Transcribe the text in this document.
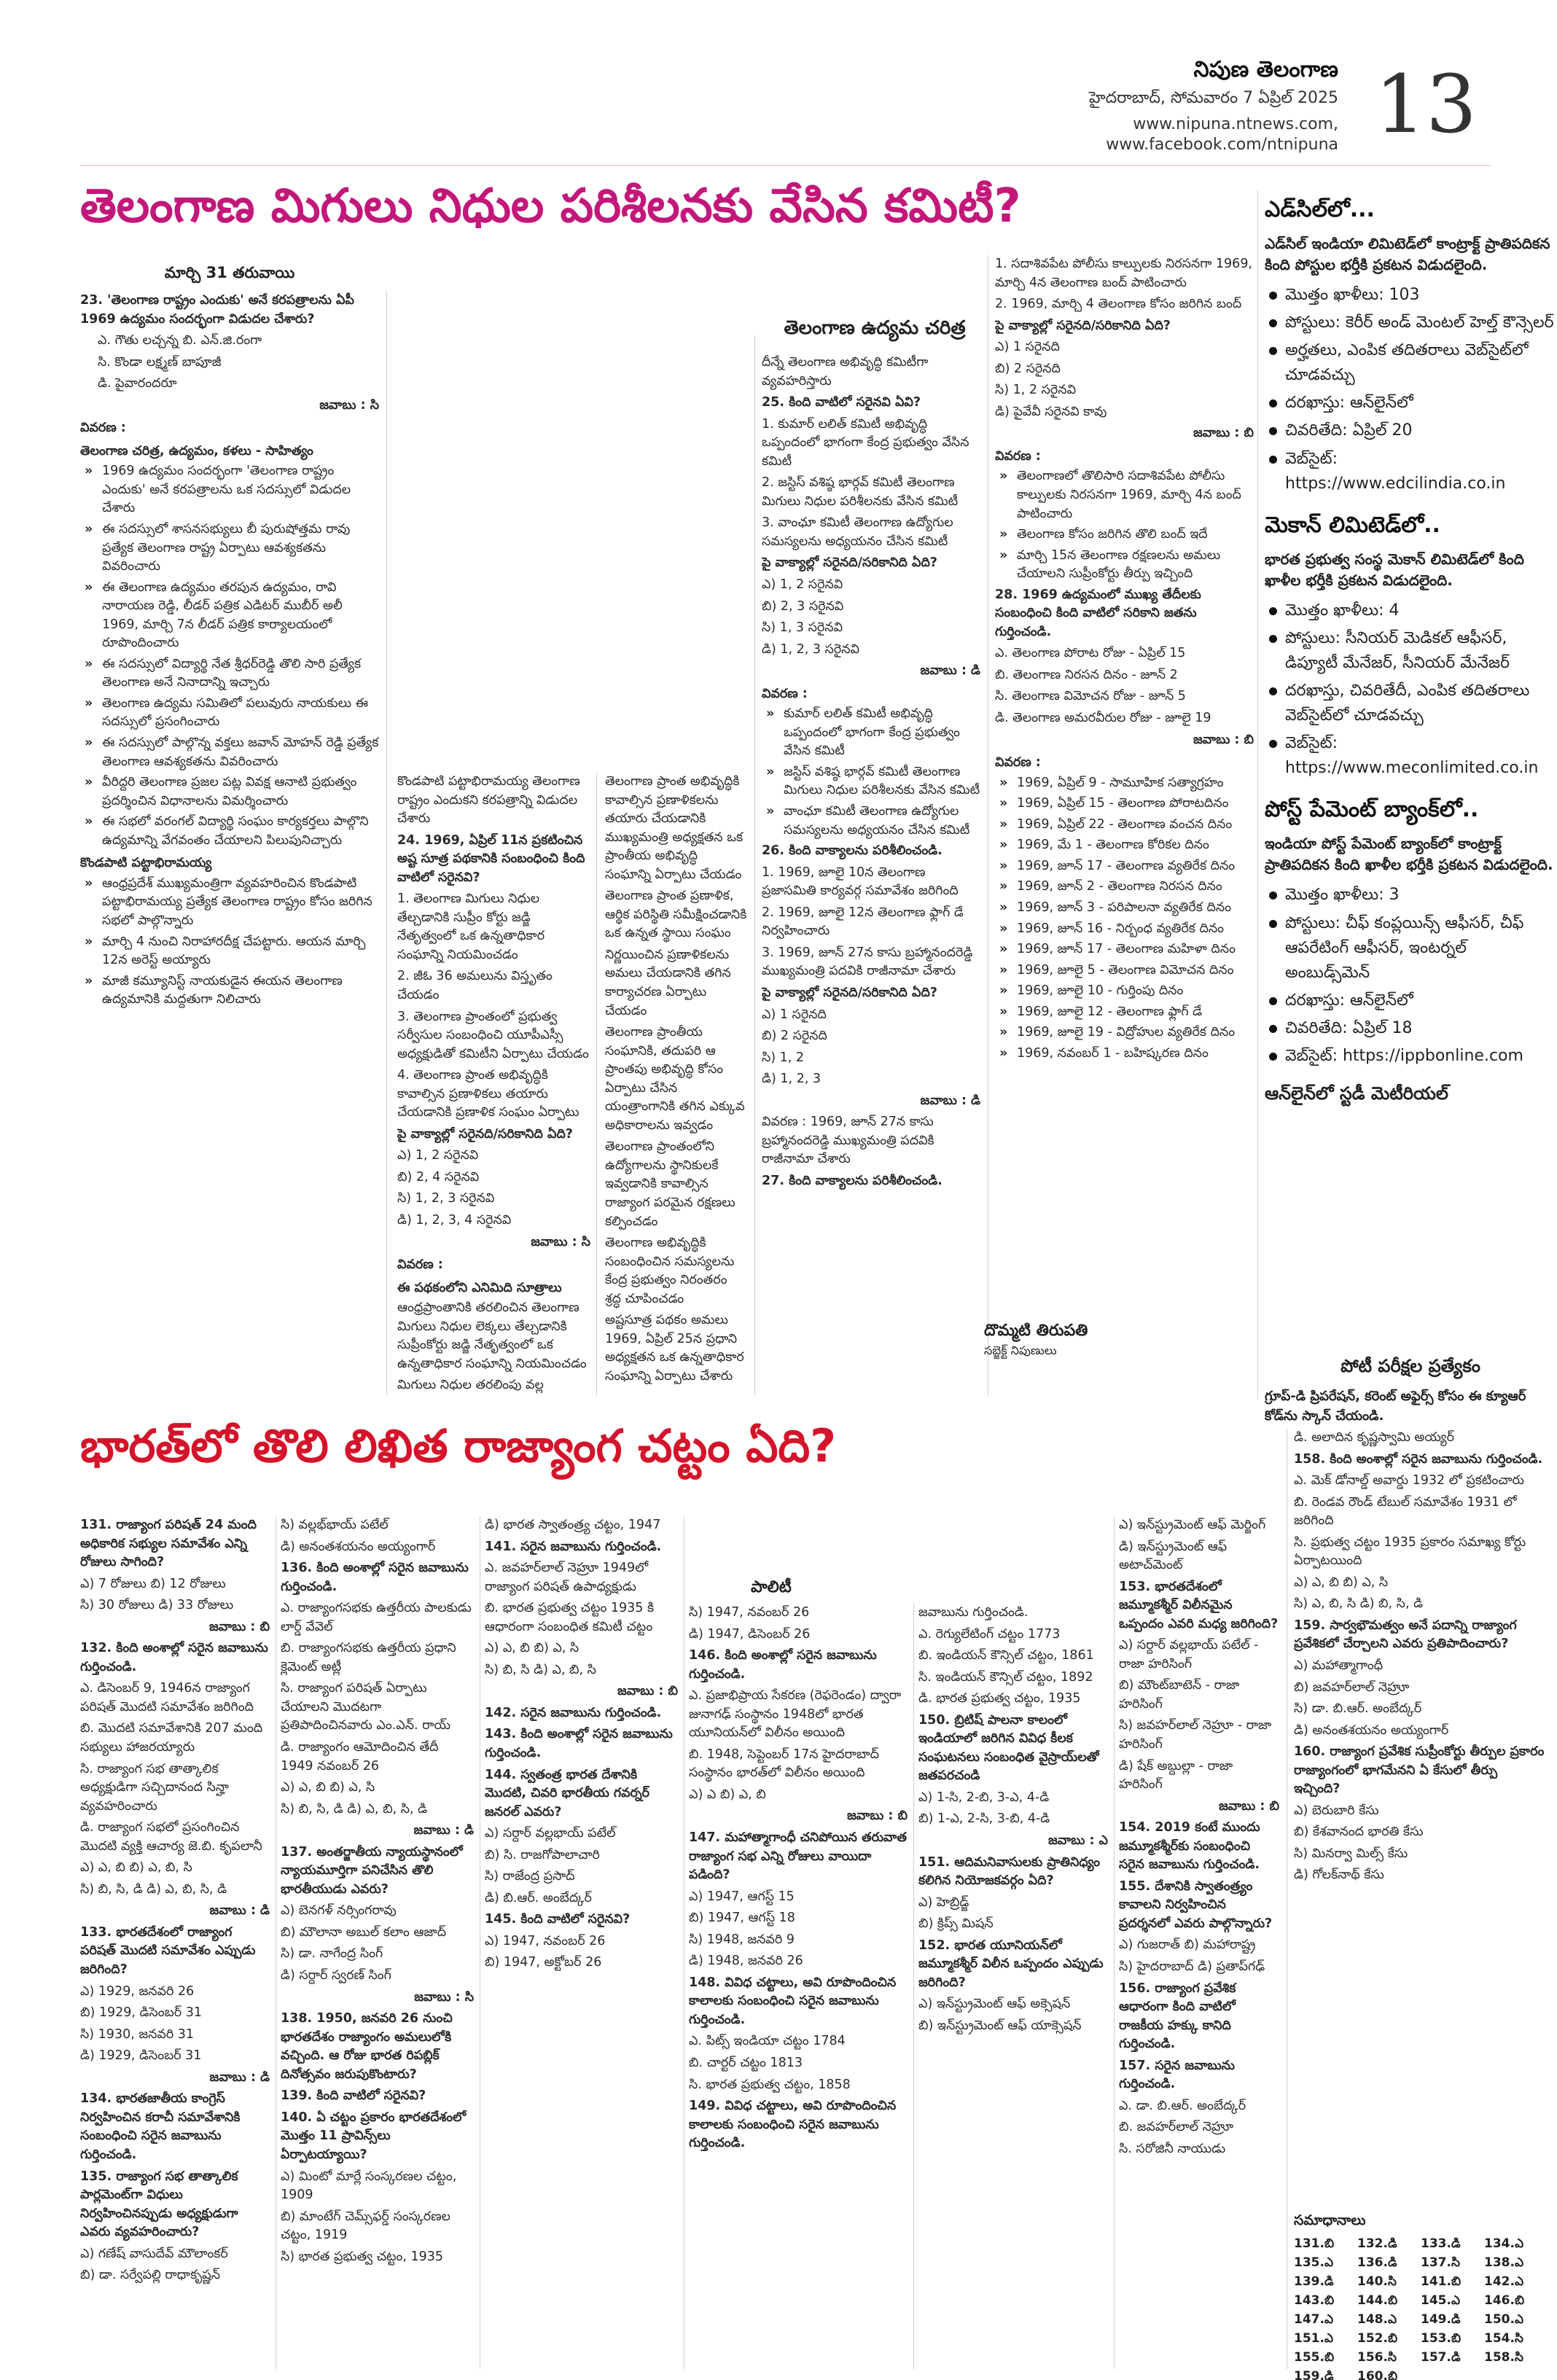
నిపుణ తెలంగాణ
హైదరాబాద్, సోమవారం 7 ఏప్రిల్ 2025
www.nipuna.ntnews.com,
www.facebook.com/ntnipuna 13
తెలంగాణ మిగులు నిధుల పరిశీలనకు వేసిన కమిటీ?
మార్చి 31 తరువాయి
తెలంగాణ ఉద్యమ చరిత్ర

23. 'తెలంగాణ రాష్ట్రం ఎందుకు' అనే కరపత్రాలను ఏపీ 1969 ఉద్యమం సందర్భంగా విడుదల చేశారు?

ఎ. గౌతు లచ్చన్న బి. ఎన్‌.జి.రంగా

సి. కొండా లక్ష్మణ్ బాపూజీ

డి. పైవారందరూ

జవాబు : సి

వివరణ :

తెలంగాణ చరిత్ర, ఉద్యమం, కళలు - సాహిత్యం

» 1969 ఉద్యమం సందర్భంగా 'తెలంగాణ రాష్ట్రం ఎందుకు' అనే కరపత్రాలను ఒక సదస్సులో విడుదల చేశారు
» ఈ సదస్సులో శాసనసభ్యులు బీ పురుషోత్తమ రావు ప్రత్యేక తెలంగాణ రాష్ట్ర ఏర్పాటు ఆవశ్యకతను వివరించారు
» ఈ తెలంగాణ ఉద్యమం తరపున ఉద్యమం, రావి నారాయణ రెడ్డి, లీడర్ పత్రిక ఎడిటర్ ముబీర్ అలీ 1969, మార్చి 7న లీడర్ పత్రిక కార్యాలయంలో రూపొందించారు
» ఈ సదస్సులో విద్యార్థి నేత శ్రీధర్‌రెడ్డి తొలి సారి ప్రత్యేక తెలంగాణ అనే నినాదాన్ని ఇచ్చారు
» తెలంగాణ ఉద్యమ సమితిలో పలువురు నాయకులు ఈ సదస్సులో ప్రసంగించారు
» ఈ సదస్సులో పాల్గొన్న వక్తలు జవాన్ మోహన్ రెడ్డి ప్రత్యేక తెలంగాణ ఆవశ్యకతను వివరించారు
» వీరిద్దరి తెలంగాణ ప్రజల పట్ల వివక్ష ఆనాటి ప్రభుత్వం ప్రదర్శించిన విధానాలను విమర్శించారు
» ఈ సభలో వరంగల్ విద్యార్థి సంఘం కార్యకర్తలు పాల్గొని ఉద్యమాన్ని వేగవంతం చేయాలని పిలుపునిచ్చారు

కొండపాటి పట్టాభిరామయ్య

» ఆంధ్రప్రదేశ్ ముఖ్యమంత్రిగా వ్యవహరించిన కొండపాటి పట్టాభిరామయ్య ప్రత్యేక తెలంగాణ రాష్ట్రం కోసం జరిగిన సభలో పాల్గొన్నారు
» మార్చి 4 నుంచి నిరాహారదీక్ష చేపట్టారు. ఆయన మార్చి 12న అరెస్ట్ అయ్యారు
» మాజీ కమ్యూనిస్ట్ నాయకుడైన ఈయన తెలంగాణ ఉద్యమానికి మద్దతుగా నిలిచారు

కొండపాటి పట్టాభిరామయ్య తెలంగాణ రాష్ట్రం ఎందుకని కరపత్రాన్ని విడుదల చేశారు

24. 1969, ఏప్రిల్ 11న ప్రకటించిన అష్ట సూత్ర పథకానికి సంబంధించి కింది వాటిలో సరైనవి?

1. తెలంగాణ మిగులు నిధుల తేల్చడానికి సుప్రీం కోర్టు జడ్జి నేతృత్వంలో ఒక ఉన్నతాధికార సంఘాన్ని నియమించడం

2. జీఓ 36 అమలును విస్తృతం చేయడం

3. తెలంగాణ ప్రాంతంలో ప్రభుత్వ సర్వీసుల సంబంధించి యూపీఎస్సీ అధ్యక్షుడితో కమిటీని ఏర్పాటు చేయడం

4. తెలంగాణ ప్రాంత అభివృద్ధికి కావాల్సిన ప్రణాళికలు తయారు చేయడానికి ప్రణాళిక సంఘం ఏర్పాటు

పై వాక్యాల్లో సరైనది/సరికానిది ఏది?

ఎ) 1, 2 సరైనవి

బి) 2, 4 సరైనవి

సి) 1, 2, 3 సరైనవి

డి) 1, 2, 3, 4 సరైనవి

జవాబు : సి

వివరణ :

ఈ పథకంలోని ఎనిమిది సూత్రాలు

ఆంధ్రప్రాంతానికి తరలించిన తెలంగాణ మిగులు నిధుల లెక్కలు తేల్చడానికి సుప్రీంకోర్టు జడ్జి నేతృత్వంలో ఒక ఉన్నతాధికార సంఘాన్ని నియమించడం

మిగులు నిధుల తరలింపు వల్ల

తెలంగాణ ప్రాంత అభివృద్ధికి కావాల్సిన ప్రణాళికలను తయారు చేయడానికి ముఖ్యమంత్రి అధ్యక్షతన ఒక ప్రాంతీయ అభివృద్ధి సంఘాన్ని ఏర్పాటు చేయడం

తెలంగాణ ప్రాంత ప్రణాళిక, ఆర్థిక పరిస్థితి సమీక్షించడానికి ఒక ఉన్నత స్థాయి సంఘం

నిర్ణయించిన ప్రణాళికలను అమలు చేయడానికి తగిన కార్యాచరణ ఏర్పాటు చేయడం

తెలంగాణ ప్రాంతీయ సంఘానికి, తదుపరి ఆ ప్రాంతపు అభివృద్ధి కోసం ఏర్పాటు చేసిన యంత్రాంగానికి తగిన ఎక్కువ అధికారాలను ఇవ్వడం

తెలంగాణ ప్రాంతంలోని ఉద్యోగాలను స్థానికులకే ఇవ్వడానికి కావాల్సిన రాజ్యాంగ పరమైన రక్షణలు కల్పించడం

తెలంగాణ అభివృద్ధికి సంబంధించిన సమస్యలను కేంద్ర ప్రభుత్వం నిరంతరం శ్రద్ధ చూపించడం

అష్టసూత్ర పథకం అమలు 1969, ఏప్రిల్ 25న ప్రధాని అధ్యక్షతన ఒక ఉన్నతాధికార సంఘాన్ని ఏర్పాటు చేశారు

దీన్నే తెలంగాణ అభివృద్ధి కమిటీగా వ్యవహరిస్తారు

25. కింది వాటిలో సరైనవి ఏవి?

1. కుమార్ లలిత్ కమిటీ అభివృద్ధి ఒప్పందంలో భాగంగా కేంద్ర ప్రభుత్వం వేసిన కమిటీ

2. జస్టిస్ వశిష్ఠ భార్గవ్ కమిటీ తెలంగాణ మిగులు నిధుల పరిశీలనకు వేసిన కమిటీ

3. వాంఛూ కమిటీ తెలంగాణ ఉద్యోగుల సమస్యలను అధ్యయనం చేసిన కమిటీ

పై వాక్యాల్లో సరైనది/సరికానిది ఏది?

ఎ) 1, 2 సరైనవి

బి) 2, 3 సరైనవి

సి) 1, 3 సరైనవి

డి) 1, 2, 3 సరైనవి

జవాబు : డి

వివరణ :

» కుమార్ లలిత్ కమిటీ అభివృద్ధి ఒప్పందంలో భాగంగా కేంద్ర ప్రభుత్వం వేసిన కమిటీ
» జస్టిస్ వశిష్ఠ భార్గవ్ కమిటీ తెలంగాణ మిగులు నిధుల పరిశీలనకు వేసిన కమిటీ
» వాంఛూ కమిటీ తెలంగాణ ఉద్యోగుల సమస్యలను అధ్యయనం చేసిన కమిటీ

26. కింది వాక్యాలను పరిశీలించండి.

1. 1969, జూలై 10న తెలంగాణ ప్రజాసమితి కార్యవర్గ సమావేశం జరిగింది

2. 1969, జూలై 12న తెలంగాణ ఫ్లాగ్ డే నిర్వహించారు

3. 1969, జూన్ 27న కాసు బ్రహ్మానందరెడ్డి ముఖ్యమంత్రి పదవికి రాజీనామా చేశారు

పై వాక్యాల్లో సరైనది/సరికానిది ఏది?

ఎ) 1 సరైనది

బి) 2 సరైనది

సి) 1, 2

డి) 1, 2, 3

జవాబు : డి

వివరణ : 1969, జూన్ 27న కాసు బ్రహ్మానందరెడ్డి ముఖ్యమంత్రి పదవికి రాజీనామా చేశారు

27. కింది వాక్యాలను పరిశీలించండి.

1. సదాశివపేట పోలీసు కాల్పులకు నిరసనగా 1969, మార్చి 4న తెలంగాణ బంద్ పాటించారు

2. 1969, మార్చి 4 తెలంగాణ కోసం జరిగిన బంద్

పై వాక్యాల్లో సరైనది/సరికానిది ఏది?

ఎ) 1 సరైనది

బి) 2 సరైనది

సి) 1, 2 సరైనవి

డి) పైవేవీ సరైనవి కావు

జవాబు : బి

వివరణ :

» తెలంగాణలో తొలిసారి సదాశివపేట పోలీసు కాల్పులకు నిరసనగా 1969, మార్చి 4న బంద్ పాటించారు
» తెలంగాణ కోసం జరిగిన తొలి బంద్ ఇదే
» మార్చి 15న తెలంగాణ రక్షణలను అమలు చేయాలని సుప్రీంకోర్టు తీర్పు ఇచ్చింది

28. 1969 ఉద్యమంలో ముఖ్య తేదీలకు సంబంధించి కింది వాటిలో సరికాని జతను గుర్తించండి.

ఎ. తెలంగాణ పోరాట రోజు - ఏప్రిల్ 15

బి. తెలంగాణ నిరసన దినం - జూన్ 2

సి. తెలంగాణ విమోచన రోజు - జూన్ 5

డి. తెలంగాణ అమరవీరుల రోజు - జూలై 19

జవాబు : బి

వివరణ :

» 1969, ఏప్రిల్ 9 - సామూహిక సత్యాగ్రహం
» 1969, ఏప్రిల్ 15 - తెలంగాణ పోరాటదినం
» 1969, ఏప్రిల్ 22 - తెలంగాణ వంచన దినం
» 1969, మే 1 - తెలంగాణ కోరికల దినం
» 1969, జూన్ 17 - తెలంగాణ వ్యతిరేక దినం
» 1969, జూన్ 2 - తెలంగాణ నిరసన దినం
» 1969, జూన్ 3 - పరిపాలనా వ్యతిరేక దినం
» 1969, జూన్ 16 - నిర్బంధ వ్యతిరేక దినం
» 1969, జూన్ 17 - తెలంగాణ మహిళా దినం
» 1969, జూలై 5 - తెలంగాణ విమోచన దినం
» 1969, జూలై 10 - గుర్తింపు దినం
» 1969, జూలై 12 - తెలంగాణ ఫ్లాగ్ డే
» 1969, జూలై 19 - విద్రోహుల వ్యతిరేక దినం
» 1969, నవంబర్ 1 - బహిష్కరణ దినం
దొమ్మటి తిరుపతి
సబ్జెక్ట్ నిపుణులు
ఎడ్‌సిల్‌లో...
ఎడ్‌సిల్ ఇండియా లిమిటెడ్‌లో కాంట్రాక్ట్ ప్రాతిపదికన కింది పోస్టుల భర్తీకి ప్రకటన విడుదలైంది.
మొత్తం ఖాళీలు: 103
పోస్టులు: కెరీర్ అండ్ మెంటల్ హెల్త్ కౌన్సెలర్
అర్హతలు, ఎంపిక తదితరాలు వెబ్‌సైట్‌లో చూడవచ్చు
దరఖాస్తు: ఆన్‌లైన్‌లో
చివరితేది: ఏప్రిల్ 20
వెబ్‌సైట్: https://www.edcilindia.co.in
మెకాన్ లిమిటెడ్‌లో..
భారత ప్రభుత్వ సంస్థ మెకాన్ లిమిటెడ్‌లో కింది ఖాళీల భర్తీకి ప్రకటన విడుదలైంది.
మొత్తం ఖాళీలు: 4
పోస్టులు: సీనియర్ మెడికల్ ఆఫీసర్, డిప్యూటీ మేనేజర్, సీనియర్ మేనేజర్
దరఖాస్తు, చివరితేదీ, ఎంపిక తదితరాలు వెబ్‌సైట్‌లో చూడవచ్చు
వెబ్‌సైట్: https://www.meconlimited.co.in
పోస్ట్ పేమెంట్ బ్యాంక్‌లో..
ఇండియా పోస్ట్ పేమెంట్ బ్యాంక్‌లో కాంట్రాక్ట్ ప్రాతిపదికన కింది ఖాళీల భర్తీకి ప్రకటన విడుదలైంది.
మొత్తం ఖాళీలు: 3
పోస్టులు: చీఫ్ కంప్లయిన్స్ ఆఫీసర్, చీఫ్ ఆపరేటింగ్ ఆఫీసర్, ఇంటర్నల్ అంబుడ్స్‌మెన్
దరఖాస్తు: ఆన్‌లైన్‌లో
చివరితేది: ఏప్రిల్ 18
వెబ్‌సైట్: https://ippbonline.com
ఆన్‌లైన్‌లో స్టడీ మెటీరియల్
పోటీ పరీక్షల ప్రత్యేకం
గ్రూప్-డి ప్రిపరేషన్, కరెంట్ అఫైర్స్ కోసం ఈ క్యూఆర్ కోడ్‌ను స్కాన్ చేయండి.
భారత్‌లో తొలి లిఖిత రాజ్యాంగ చట్టం ఏది?
పాలిటీ

131. రాజ్యాంగ పరిషత్ 24 మంది అధికారిక సభ్యుల సమావేశం ఎన్ని రోజులు సాగింది?

ఎ) 7 రోజులు బి) 12 రోజులు

సి) 30 రోజులు డి) 33 రోజులు

జవాబు : బి

132. కింది అంశాల్లో సరైన జవాబును గుర్తించండి.

ఎ. డిసెంబర్ 9, 1946న రాజ్యాంగ పరిషత్ మొదటి సమావేశం జరిగింది

బి. మొదటి సమావేశానికి 207 మంది సభ్యులు హాజరయ్యారు

సి. రాజ్యాంగ సభ తాత్కాలిక అధ్యక్షుడిగా సచ్చిదానంద సిన్హా వ్యవహరించారు

డి. రాజ్యాంగ సభలో ప్రసంగించిన మొదటి వ్యక్తి ఆచార్య జె.బి. కృపలానీ

ఎ) ఎ, బి బి) ఎ, బి, సి

సి) బి, సి, డి డి) ఎ, బి, సి, డి

జవాబు : డి

133. భారతదేశంలో రాజ్యాంగ పరిషత్ మొదటి సమావేశం ఎప్పుడు జరిగింది?

ఎ) 1929, జనవరి 26

బి) 1929, డిసెంబర్ 31

సి) 1930, జనవరి 31

డి) 1929, డిసెంబర్ 31

జవాబు : డి

134. భారతజాతీయ కాంగ్రెస్ నిర్వహించిన కరాచీ సమావేశానికి సంబంధించి సరైన జవాబును గుర్తించండి.

135. రాజ్యాంగ సభ తాత్కాలిక పార్లమెంట్‌గా విధులు నిర్వహించినప్పుడు అధ్యక్షుడుగా ఎవరు వ్యవహరించారు?

ఎ) గణేష్ వాసుదేవ్ మౌలాంకర్

బి) డా. సర్వేపల్లి రాధాకృష్ణన్

సి) వల్లభ్‌భాయ్ పటేల్

డి) అనంతశయనం అయ్యంగార్

136. కింది అంశాల్లో సరైన జవాబును గుర్తించండి.

ఎ. రాజ్యాంగసభకు ఉత్తరీయ పాలకుడు లార్డ్ వేవెల్

బి. రాజ్యాంగసభకు ఉత్తరీయ ప్రధాని క్లెమెంట్ అట్లీ

సి. రాజ్యాంగ పరిషత్ ఏర్పాటు చేయాలని మొదటగా ప్రతిపాదించినవారు ఎం.ఎన్. రాయ్

డి. రాజ్యాంగం ఆమోదించిన తేదీ 1949 నవంబర్ 26

ఎ) ఎ, బి బి) ఎ, సి

సి) బి, సి, డి డి) ఎ, బి, సి, డి

జవాబు : డి

137. అంతర్జాతీయ న్యాయస్థానంలో న్యాయమూర్తిగా పనిచేసిన తొలి భారతీయుడు ఎవరు?

ఎ) బెనగళ్ నర్సింగరావు

బి) మౌలానా అబుల్ కలాం ఆజాద్

సి) డా. నాగేంద్ర సింగ్

డి) సర్దార్ స్వరణ్ సింగ్

జవాబు : సి

138. 1950, జనవరి 26 నుంచి భారతదేశం రాజ్యాంగం అమలులోకి వచ్చింది. ఆ రోజు భారత రిపబ్లిక్ దినోత్సవం జరుపుకొంటారు?

139. కింది వాటిలో సరైనవి?

140. ఏ చట్టం ప్రకారం భారతదేశంలో మొత్తం 11 ప్రావిన్స్‌లు ఏర్పాటయ్యాయి?

ఎ) మింటో మార్లే సంస్కరణల చట్టం, 1909

బి) మాంటేగ్ చెమ్స్‌ఫర్డ్ సంస్కరణల చట్టం, 1919

సి) భారత ప్రభుత్వ చట్టం, 1935

డి) భారత స్వాతంత్ర్య చట్టం, 1947

141. సరైన జవాబును గుర్తించండి.

ఎ. జవహర్‌లాల్ నెహ్రూ 1949లో రాజ్యాంగ పరిషత్ ఉపాధ్యక్షుడు

బి. భారత ప్రభుత్వ చట్టం 1935 కి ఆధారంగా సంబంధిత కమిటీ చట్టం

ఎ) ఎ, బి బి) ఎ, సి

సి) బి, సి డి) ఎ, బి, సి

జవాబు : బి

142. సరైన జవాబును గుర్తించండి.

143. కింది అంశాల్లో సరైన జవాబును గుర్తించండి.

144. స్వతంత్ర భారత దేశానికి మొదటి, చివరి భారతీయ గవర్నర్ జనరల్ ఎవరు?

ఎ) సర్దార్ వల్లభాయ్ పటేల్

బి) సి. రాజగోపాలాచారి

సి) రాజేంద్ర ప్రసాద్

డి) బి.ఆర్. అంబేద్కర్

145. కింది వాటిలో సరైనవి?

ఎ) 1947, నవంబర్ 26

బి) 1947, అక్టోబర్ 26

సి) 1947, నవంబర్ 26

డి) 1947, డిసెంబర్ 26

146. కింది అంశాల్లో సరైన జవాబును గుర్తించండి.

ఎ. ప్రజాభిప్రాయ సేకరణ (రెఫరెండం) ద్వారా జునాగఢ్ సంస్థానం 1948లో భారత యూనియన్‌లో విలీనం అయింది

బి. 1948, సెప్టెంబర్ 17న హైదరాబాద్ సంస్థానం భారత్‌లో విలీనం అయింది

ఎ) ఎ బి) ఎ, బి

జవాబు : బి

147. మహాత్మాగాంధీ చనిపోయిన తరువాత రాజ్యాంగ సభ ఎన్ని రోజులు వాయిదా పడింది?

ఎ) 1947, ఆగస్ట్ 15

బి) 1947, ఆగస్ట్ 18

సి) 1948, జనవరి 9

డి) 1948, జనవరి 26

148. వివిధ చట్టాలు, అవి రూపొందించిన కాలాలకు సంబంధించి సరైన జవాబును గుర్తించండి.

ఎ. పిట్స్ ఇండియా చట్టం 1784

బి. చార్టర్ చట్టం 1813

సి. భారత ప్రభుత్వ చట్టం, 1858

149. వివిధ చట్టాలు, అవి రూపొందించిన కాలాలకు సంబంధించి సరైన జవాబును గుర్తించండి.

జవాబును గుర్తించండి.

ఎ. రెగ్యులేటింగ్ చట్టం 1773

బి. ఇండియన్ కౌన్సిల్ చట్టం, 1861

సి. ఇండియన్ కౌన్సిల్ చట్టం, 1892

డి. భారత ప్రభుత్వ చట్టం, 1935

150. బ్రిటిష్ పాలనా కాలంలో ఇండియాలో జరిగిన వివిధ కీలక సంఘటనలు సంబంధిత వైస్రాయ్‌లతో జతపరచండి

ఎ) 1-సి, 2-బి, 3-ఎ, 4-డి

బి) 1-ఎ, 2-సి, 3-బి, 4-డి

జవాబు : ఎ

151. ఆదిమనివాసులకు ప్రాతినిధ్యం కలిగిన నియోజకవర్గం ఏది?

ఎ) హెబ్రిడ్జ్

బి) క్రిప్స్ మిషన్

152. భారత యూనియన్‌లో జమ్మూకశ్మీర్ విలీన ఒప్పందం ఎప్పుడు జరిగింది?

ఎ) ఇన్‌స్ట్రుమెంట్ ఆఫ్ అక్సెషన్

బి) ఇన్‌స్ట్రుమెంట్ ఆఫ్ యాక్సెషన్

ఎ) ఇన్‌స్ట్రుమెంట్ ఆఫ్ మెర్జింగ్

డి) ఇన్‌స్ట్రుమెంట్ ఆఫ్ అటాచ్‌మెంట్

153. భారతదేశంలో జమ్మూకశ్మీర్ విలీనమైన ఒప్పందం ఎవరి మధ్య జరిగింది?

ఎ) సర్దార్ వల్లభాయ్ పటేల్ - రాజా హరిసింగ్

బి) మౌంట్‌బాటెన్ - రాజా హరిసింగ్

సి) జవహర్‌లాల్ నెహ్రూ - రాజా హరిసింగ్

డి) షేక్ అబ్దుల్లా - రాజా హరిసింగ్

జవాబు : బి

154. 2019 కంటే ముందు జమ్మూకశ్మీర్‌కు సంబంధించి సరైన జవాబును గుర్తించండి.

155. దేశానికి స్వాతంత్ర్యం కావాలని నిర్వహించిన ప్రదర్శనలో ఎవరు పాల్గొన్నారు?

ఎ) గుజరాత్ బి) మహారాష్ట్ర

సి) హైదరాబాద్ డి) ప్రతాప్‌గఢ్

156. రాజ్యాంగ ప్రవేశిక ఆధారంగా కింది వాటిలో రాజకీయ హక్కు కానిది గుర్తించండి.

157. సరైన జవాబును గుర్తించండి.

ఎ. డా. బి.ఆర్. అంబేద్కర్

బి. జవహర్‌లాల్ నెహ్రూ

సి. సరోజినీ నాయుడు

డి. అలాదిన కృష్ణస్వామి అయ్యర్

158. కింది అంశాల్లో సరైన జవాబును గుర్తించండి.

ఎ. మెక్ డోనాల్డ్ అవార్డు 1932 లో ప్రకటించారు

బి. రెండవ రౌండ్ టేబుల్ సమావేశం 1931 లో జరిగింది

సి. ప్రభుత్వ చట్టం 1935 ప్రకారం సమాఖ్య కోర్టు ఏర్పాటయింది

ఎ) ఎ, బి బి) ఎ, సి

సి) ఎ, బి, సి డి) బి, సి, డి

159. సార్వభౌమత్వం అనే పదాన్ని రాజ్యాంగ ప్రవేశికలో చేర్చాలని ఎవరు ప్రతిపాదించారు?

ఎ) మహాత్మాగాంధీ

బి) జవహర్‌లాల్ నెహ్రూ

సి) డా. బి.ఆర్. అంబేద్కర్

డి) అనంతశయనం అయ్యంగార్

160. రాజ్యాంగ ప్రవేశిక సుప్రీంకోర్టు తీర్పుల ప్రకారం రాజ్యాంగంలో భాగమేనని ఏ కేసులో తీర్పు ఇచ్చింది?

ఎ) బెరుబారి కేసు

బి) కేశవానంద భారతి కేసు

సి) మినర్వా మిల్స్ కేసు

డి) గోలక్‌నాథ్ కేసు

సమాధానాలు
131.బి	132.డి	133.డి	134.ఎ
135.ఎ	136.డి	137.సి	138.ఎ
139.డి	140.సి	141.బి	142.ఎ
143.బి	144.బి	145.ఎ	146.బి
147.ఎ	148.ఎ	149.డి	150.ఎ
151.ఎ	152.బి	153.బి	154.సి
155.బి	156.సి	157.డి	158.సి
159.డి	160.బి
